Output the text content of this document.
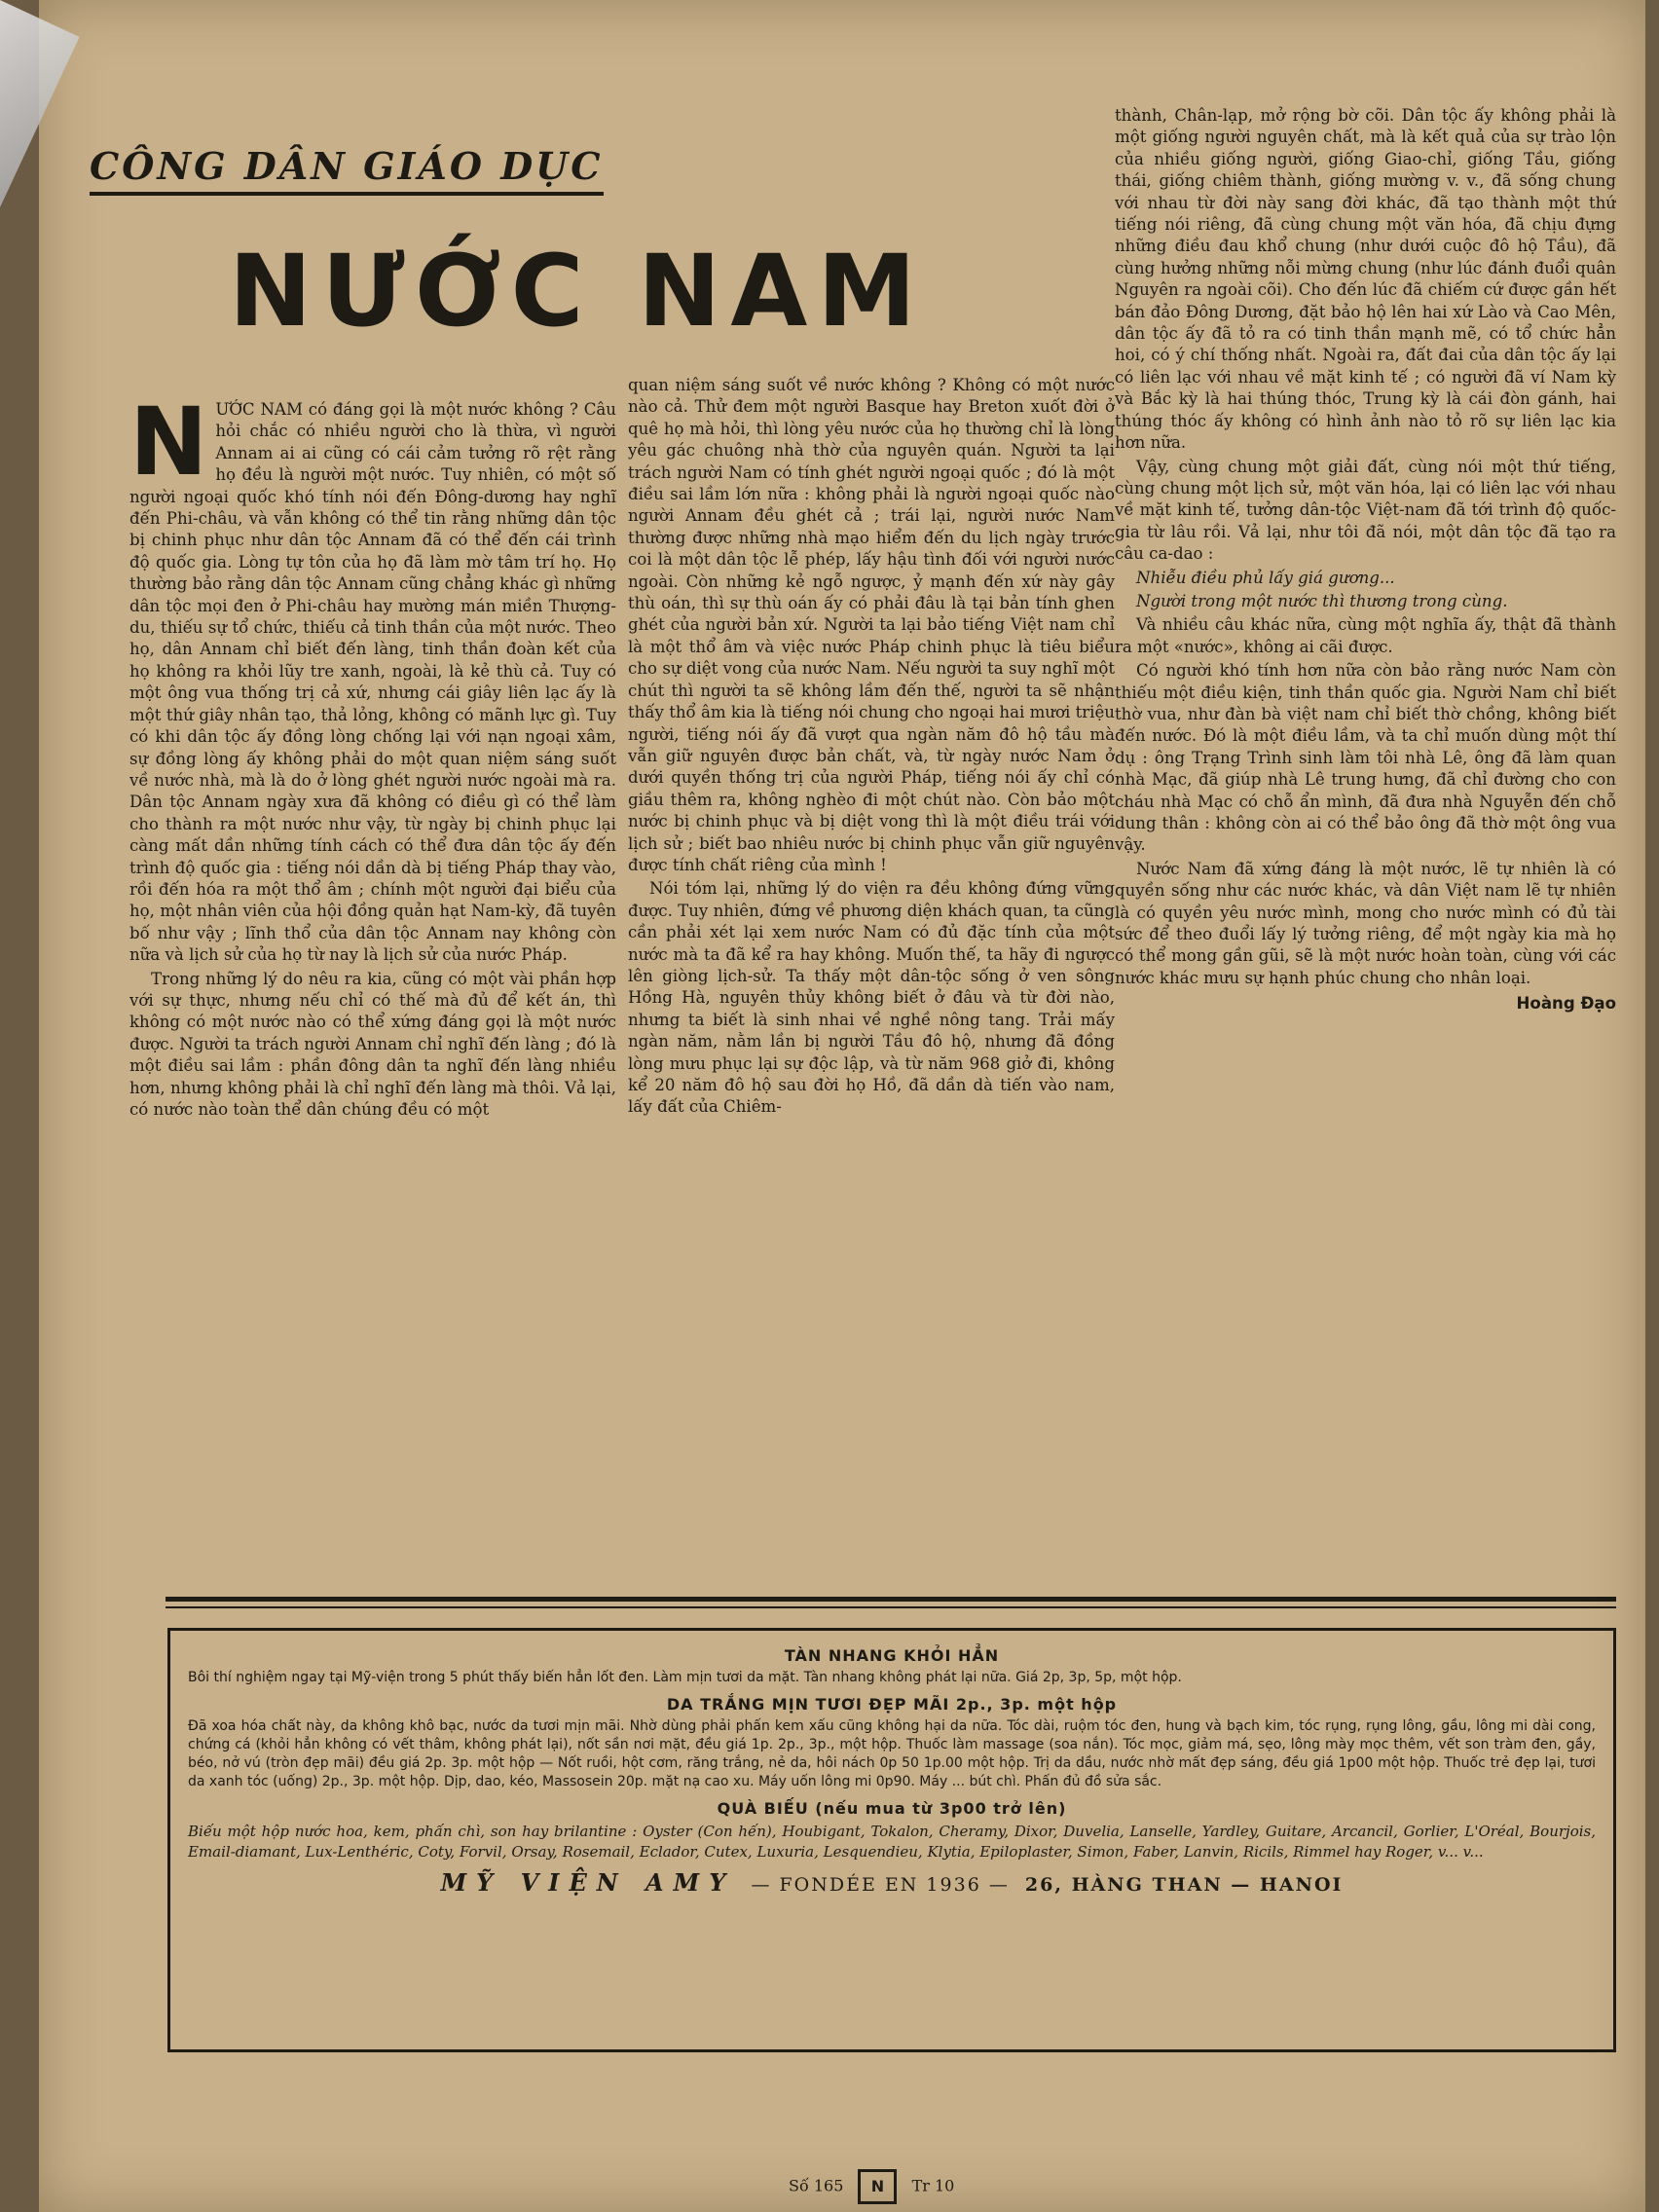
CÔNG DÂN GIÁO DỤC
NƯỚC NAM

NƯỚC NAM có đáng gọi là một nước không ? Câu hỏi chắc có nhiều người cho là thừa, vì người Annam ai ai cũng có cái cảm tưởng rõ rệt rằng họ đều là người một nước. Tuy nhiên, có một số người ngoại quốc khó tính nói đến Đông-dương hay nghĩ đến Phi-châu, và vẫn không có thể tin rằng những dân tộc bị chinh phục như dân tộc Annam đã có thể đến cái trình độ quốc gia. Lòng tự tôn của họ đã làm mờ tâm trí họ. Họ thường bảo rằng dân tộc Annam cũng chẳng khác gì những dân tộc mọi đen ở Phi-châu hay mường mán miền Thượng-du, thiếu sự tổ chức, thiếu cả tinh thần của một nước. Theo họ, dân Annam chỉ biết đến làng, tinh thần đoàn kết của họ không ra khỏi lũy tre xanh, ngoài, là kẻ thù cả. Tuy có một ông vua thống trị cả xứ, nhưng cái giây liên lạc ấy là một thứ giây nhân tạo, thả lỏng, không có mãnh lực gì. Tuy có khi dân tộc ấy đồng lòng chống lại với nạn ngoại xâm, sự đồng lòng ấy không phải do một quan niệm sáng suốt về nước nhà, mà là do ở lòng ghét người nước ngoài mà ra. Dân tộc Annam ngày xưa đã không có điều gì có thể làm cho thành ra một nước như vậy, từ ngày bị chinh phục lại càng mất dần những tính cách có thể đưa dân tộc ấy đến trình độ quốc gia : tiếng nói dần dà bị tiếng Pháp thay vào, rồi đến hóa ra một thổ âm ; chính một người đại biểu của họ, một nhân viên của hội đồng quản hạt Nam-kỳ, đã tuyên bố như vậy ; lĩnh thổ của dân tộc Annam nay không còn nữa và lịch sử của họ từ nay là lịch sử của nước Pháp.

Trong những lý do nêu ra kia, cũng có một vài phần hợp với sự thực, nhưng nếu chỉ có thế mà đủ để kết án, thì không có một nước nào có thể xứng đáng gọi là một nước được. Người ta trách người Annam chỉ nghĩ đến làng ; đó là một điều sai lầm : phần đông dân ta nghĩ đến làng nhiều hơn, nhưng không phải là chỉ nghĩ đến làng mà thôi. Vả lại, có nước nào toàn thể dân chúng đều có một

quan niệm sáng suốt về nước không ? Không có một nước nào cả. Thử đem một người Basque hay Breton xuốt đời ở quê họ mà hỏi, thì lòng yêu nước của họ thường chỉ là lòng yêu gác chuông nhà thờ của nguyên quán. Người ta lại trách người Nam có tính ghét người ngoại quốc ; đó là một điều sai lầm lớn nữa : không phải là người ngoại quốc nào người Annam đều ghét cả ; trái lại, người nước Nam thường được những nhà mạo hiểm đến du lịch ngày trước coi là một dân tộc lễ phép, lấy hậu tình đối với người nước ngoài. Còn những kẻ ngỗ ngược, ỷ mạnh đến xứ này gây thù oán, thì sự thù oán ấy có phải đâu là tại bản tính ghen ghét của người bản xứ. Người ta lại bảo tiếng Việt nam chỉ là một thổ âm và việc nước Pháp chinh phục là tiêu biểu cho sự diệt vong của nước Nam. Nếu người ta suy nghĩ một chút thì người ta sẽ không lầm đến thế, người ta sẽ nhận thấy thổ âm kia là tiếng nói chung cho ngoại hai mươi triệu người, tiếng nói ấy đã vượt qua ngàn năm đô hộ tầu mà vẫn giữ nguyên được bản chất, và, từ ngày nước Nam ở dưới quyền thống trị của người Pháp, tiếng nói ấy chỉ có giầu thêm ra, không nghèo đi một chút nào. Còn bảo một nước bị chinh phục và bị diệt vong thì là một điều trái với lịch sử ; biết bao nhiêu nước bị chinh phục vẫn giữ nguyên được tính chất riêng của mình !

Nói tóm lại, những lý do viện ra đều không đứng vững được. Tuy nhiên, đứng về phương diện khách quan, ta cũng cần phải xét lại xem nước Nam có đủ đặc tính của một nước mà ta đã kể ra hay không. Muốn thế, ta hãy đi ngược lên giòng lịch-sử. Ta thấy một dân-tộc sống ở ven sông Hồng Hà, nguyên thủy không biết ở đâu và từ đời nào, nhưng ta biết là sinh nhai về nghề nông tang. Trải mấy ngàn năm, nằm lần bị người Tầu đô hộ, nhưng đã đồng lòng mưu phục lại sự độc lập, và từ năm 968 giở đi, không kể 20 năm đô hộ sau đời họ Hồ, đã dần dà tiến vào nam, lấy đất của Chiêm-

thành, Chân-lạp, mở rộng bờ cõi. Dân tộc ấy không phải là một giống người nguyên chất, mà là kết quả của sự trào lộn của nhiều giống người, giống Giao-chỉ, giống Tầu, giống thái, giống chiêm thành, giống mường v. v., đã sống chung với nhau từ đời này sang đời khác, đã tạo thành một thứ tiếng nói riêng, đã cùng chung một văn hóa, đã chịu đựng những điều đau khổ chung (như dưới cuộc đô hộ Tầu), đã cùng hưởng những nỗi mừng chung (như lúc đánh đuổi quân Nguyên ra ngoài cõi). Cho đến lúc đã chiếm cứ được gần hết bán đảo Đông Dương, đặt bảo hộ lên hai xứ Lào và Cao Mên, dân tộc ấy đã tỏ ra có tinh thần mạnh mẽ, có tổ chức hẳn hoi, có ý chí thống nhất. Ngoài ra, đất đai của dân tộc ấy lại có liên lạc với nhau về mặt kinh tế ; có người đã ví Nam kỳ và Bắc kỳ là hai thúng thóc, Trung kỳ là cái đòn gánh, hai thúng thóc ấy không có hình ảnh nào tỏ rõ sự liên lạc kia hơn nữa.

Vậy, cùng chung một giải đất, cùng nói một thứ tiếng, cùng chung một lịch sử, một văn hóa, lại có liên lạc với nhau về mặt kinh tế, tưởng dân-tộc Việt-nam đã tới trình độ quốc-gia từ lâu rồi. Vả lại, như tôi đã nói, một dân tộc đã tạo ra câu ca-dao :

Nhiễu điều phủ lấy giá gương...

Người trong một nước thì thương trong cùng.

Và nhiều câu khác nữa, cùng một nghĩa ấy, thật đã thành ra một «nước», không ai cãi được.

Có người khó tính hơn nữa còn bảo rằng nước Nam còn thiếu một điều kiện, tinh thần quốc gia. Người Nam chỉ biết thờ vua, như đàn bà việt nam chỉ biết thờ chồng, không biết đến nước. Đó là một điều lầm, và ta chỉ muốn dùng một thí dụ : ông Trạng Trình sinh làm tôi nhà Lê, ông đã làm quan nhà Mạc, đã giúp nhà Lê trung hưng, đã chỉ đường cho con cháu nhà Mạc có chỗ ẩn mình, đã đưa nhà Nguyễn đến chỗ dung thân : không còn ai có thể bảo ông đã thờ một ông vua vậy.

Nước Nam đã xứng đáng là một nước, lẽ tự nhiên là có quyền sống như các nước khác, và dân Việt nam lẽ tự nhiên là có quyền yêu nước mình, mong cho nước mình có đủ tài sức để theo đuổi lấy lý tưởng riêng, để một ngày kia mà họ có thể mong gần gũi, sẽ là một nước hoàn toàn, cùng với các nước khác mưu sự hạnh phúc chung cho nhân loại.

Hoàng Đạo
TÀN NHANG KHỎI HẲN
Bôi thí nghiệm ngay tại Mỹ-viện trong 5 phút thấy biến hẳn lốt đen. Làm mịn tươi da mặt. Tàn nhang không phát lại nữa. Giá 2p, 3p, 5p, một hộp.
DA TRẮNG MỊN TƯƠI ĐẸP MÃI 2p., 3p. một hộp
Đã xoa hóa chất này, da không khô bạc, nước da tươi mịn mãi. Nhờ dùng phải phấn kem xấu cũng không hại da nữa. Tóc dài, ruộm tóc đen, hung và bạch kim, tóc rụng, rụng lông, gầu, lông mi dài cong, chứng cá (khỏi hẳn không có vết thâm, không phát lại), nốt sần nơi mặt, đều giá 1p. 2p., 3p., một hộp. Thuốc làm massage (soa nắn). Tóc mọc, giảm má, sẹo, lông mày mọc thêm, vết son tràm đen, gầy, béo, nở vú (tròn đẹp mãi) đều giá 2p. 3p. một hộp — Nốt ruồi, hột cơm, răng trắng, nẻ da, hôi nách 0p 50 1p.00 một hộp. Trị da dầu, nước nhờ mất đẹp sáng, đều giá 1p00 một hộp. Thuốc trẻ đẹp lại, tươi da xanh tóc (uống) 2p., 3p. một hộp. Dịp, dao, kéo, Massosein 20p. mặt nạ cao xu. Máy uốn lông mi 0p90. Máy ... bút chì. Phấn đủ đồ sửa sắc.
QUÀ BIẾU (nếu mua từ 3p00 trở lên)
Biếu một hộp nước hoa, kem, phấn chì, son hay brilantine : Oyster (Con hến), Houbigant, Tokalon, Cheramy, Dixor, Duvelia, Lanselle, Yardley, Guitare, Arcancil, Gorlier, L'Oréal, Bourjois, Email-diamant, Lux-Lenthéric, Coty, Forvil, Orsay, Rosemail, Eclador, Cutex, Luxuria, Lesquendieu, Klytia, Epiloplaster, Simon, Faber, Lanvin, Ricils, Rimmel hay Roger, v... v...
MỸ VIỆN AMY  — FONDÉE EN 1936 —  26, HÀNG THAN — HANOI
Số 165 N Tr 10
